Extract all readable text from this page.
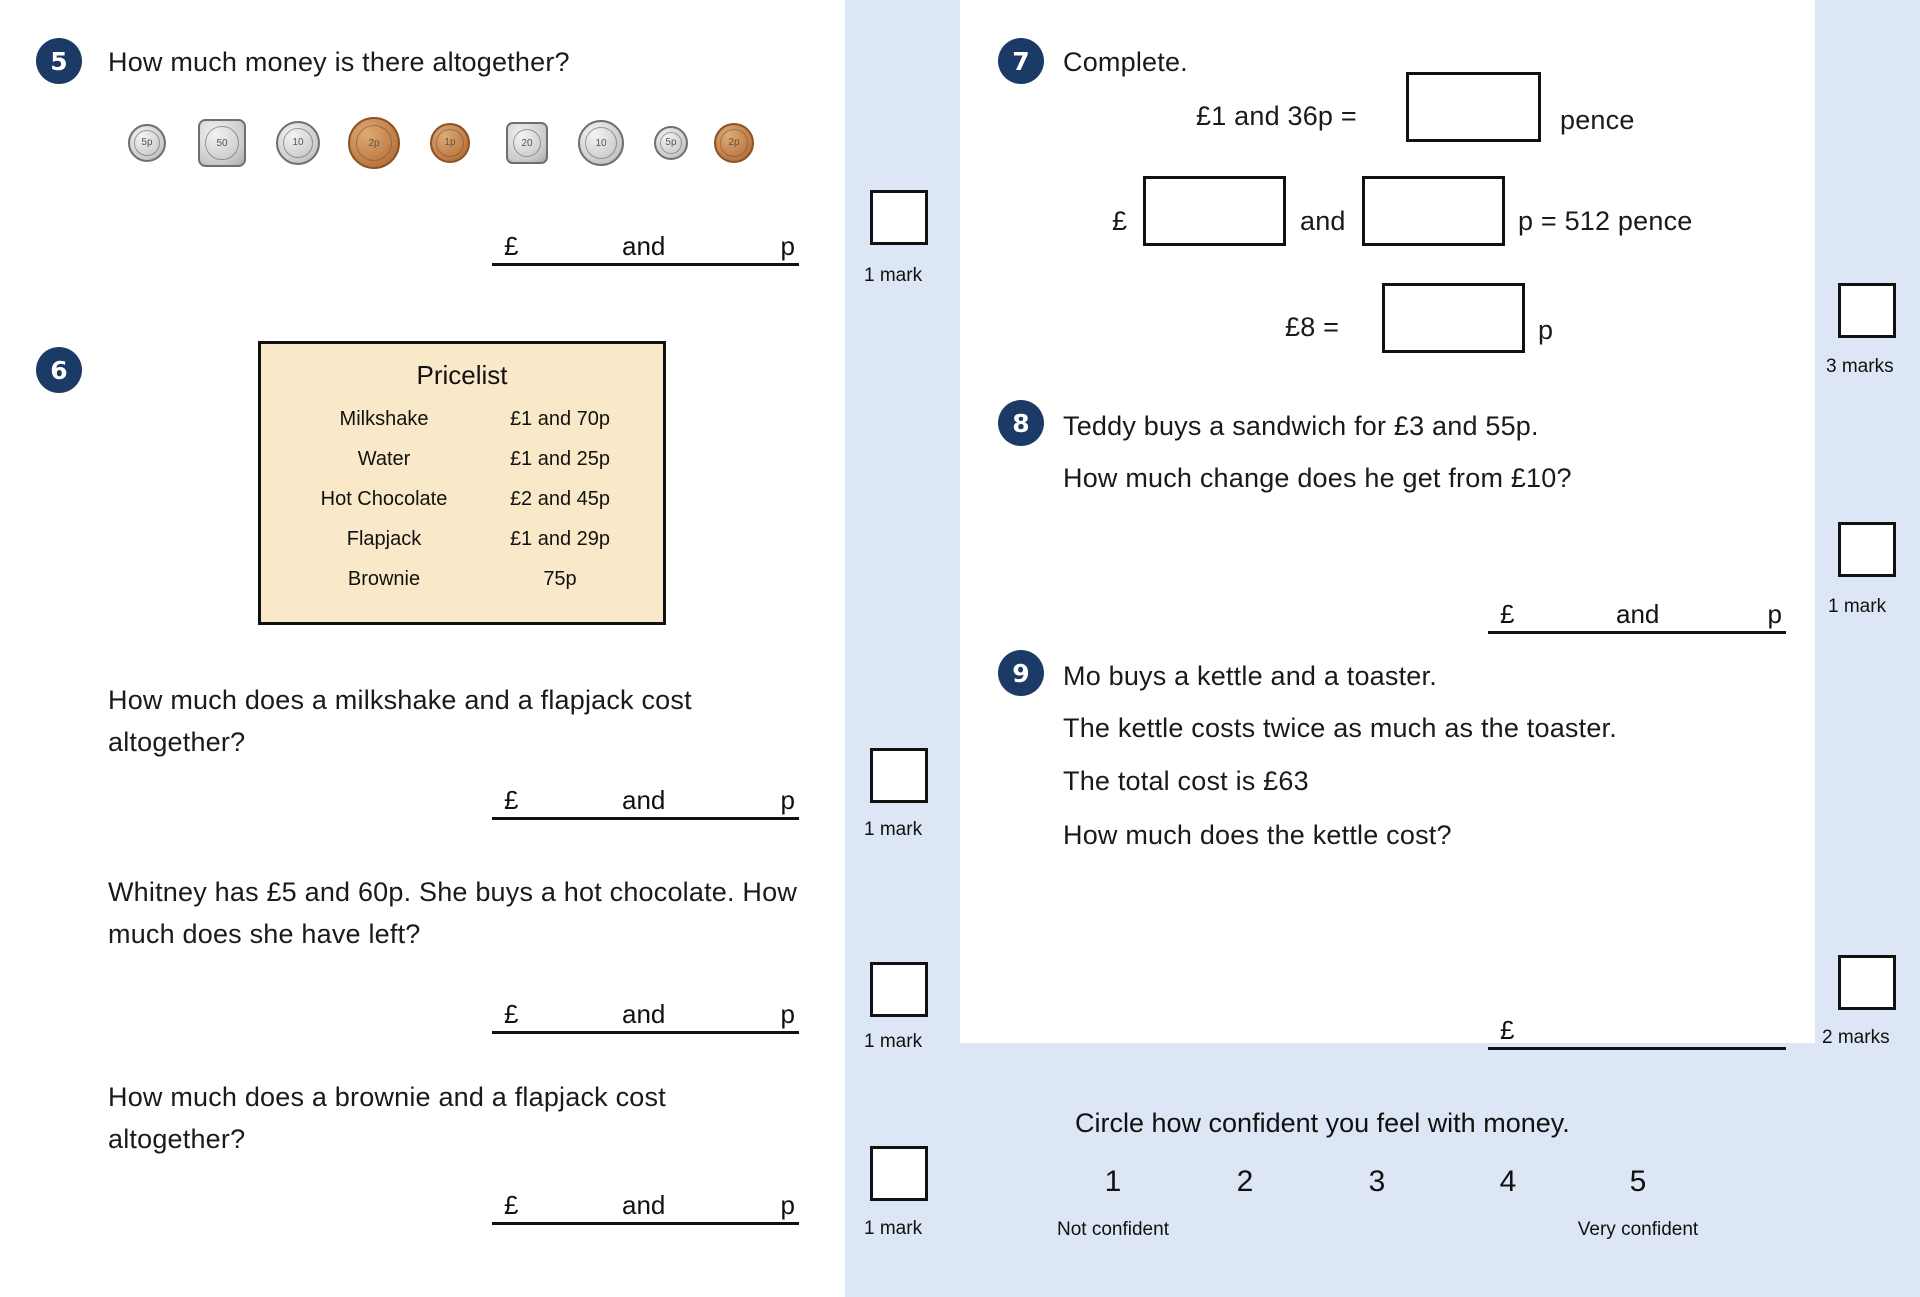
5	How much money is there altogether?
5p	50	10	2p	1p	20	10	5p	2p
£	and	p
1 mark
6	Pricelist
Milkshake	£1 and 70p
Water	£1 and 25p
Hot Chocolate	£2 and 45p
Flapjack	£1 and 29p
Brownie	75p
How much does a milkshake and a flapjack cost altogether?
£	and	p
1 mark
Whitney has £5 and 60p. She buys a hot chocolate. How much does she have left?
£	and	p
1 mark
How much does a brownie and a flapjack cost altogether?
£	and	p
1 mark
7	Complete.
£1 and 36p =	pence
£	and	p = 512 pence
£8 =	p
3 marks
8	Teddy buys a sandwich for £3 and 55p.
How much change does he get from £10?
£	and	p 1 mark
9	Mo buys a kettle and a toaster.
The kettle costs twice as much as the toaster.
The total cost is £63
How much does the kettle cost?
£	2 marks
Circle how confident you feel with money.
1	2	3	4	5
Not confident	Very confident
